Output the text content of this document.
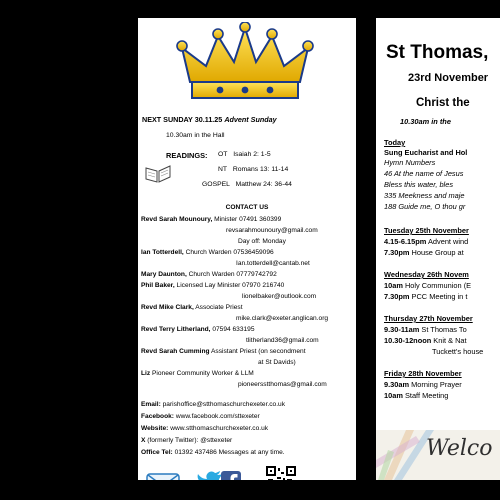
NEXT SUNDAY 30.11.25 Advent Sunday
10.30am in the Hall
READINGS: OT Isaiah 2: 1-5
NT Romans 13: 11-14
GOSPEL Matthew 24: 36-44
CONTACT US
Revd Sarah Mounoury, Minister 07491 360399
revsarahmounoury@gmail.com
Day off: Monday
Ian Totterdell, Church Warden 07536459096
Ian.totterdell@cantab.net
Mary Daunton, Church Warden 07779742792
Phil Baker, Licensed Lay Minister 07970 216740
lionelbaker@outlook.com
Revd Mike Clark, Associate Priest
mike.clark@exeter.anglican.org
Revd Terry Litherland, 07594 633195
tlitherland36@gmail.com
Revd Sarah Cumming Assistant Priest (on secondment
at St Davids)
Liz Pioneer Community Worker & LLM
pioneersstthomas@gmail.com
Email: parishoffice@stthomaschurchexeter.co.uk
Facebook: www.facebook.com/sttexeter
Website: www.stthomaschurchexeter.co.uk
X (formerly Twitter): @sttexeter
Office Tel: 01392 437486 Messages at any time.
St Thomas,
23rd November
Christ the
10.30am in the
Today
Sung Eucharist and Hol
Hymn Numbers
46 At the name of Jesus
Bless this water, bles
335 Meekness and maje
188 Guide me, O thou gr
Tuesday 25th November
4.15-6.15pm Advent wind
7.30pm House Group at
Wednesday 26th Novem
10am Holy Communion (E
7.30pm PCC Meeting in t
Thursday 27th November
9.30-11am St Thomas To
10.30-12noon Knit & Nat
Tuckett's house
Friday 28th November
9.30am Morning Prayer
10am Staff Meeting
Welco
